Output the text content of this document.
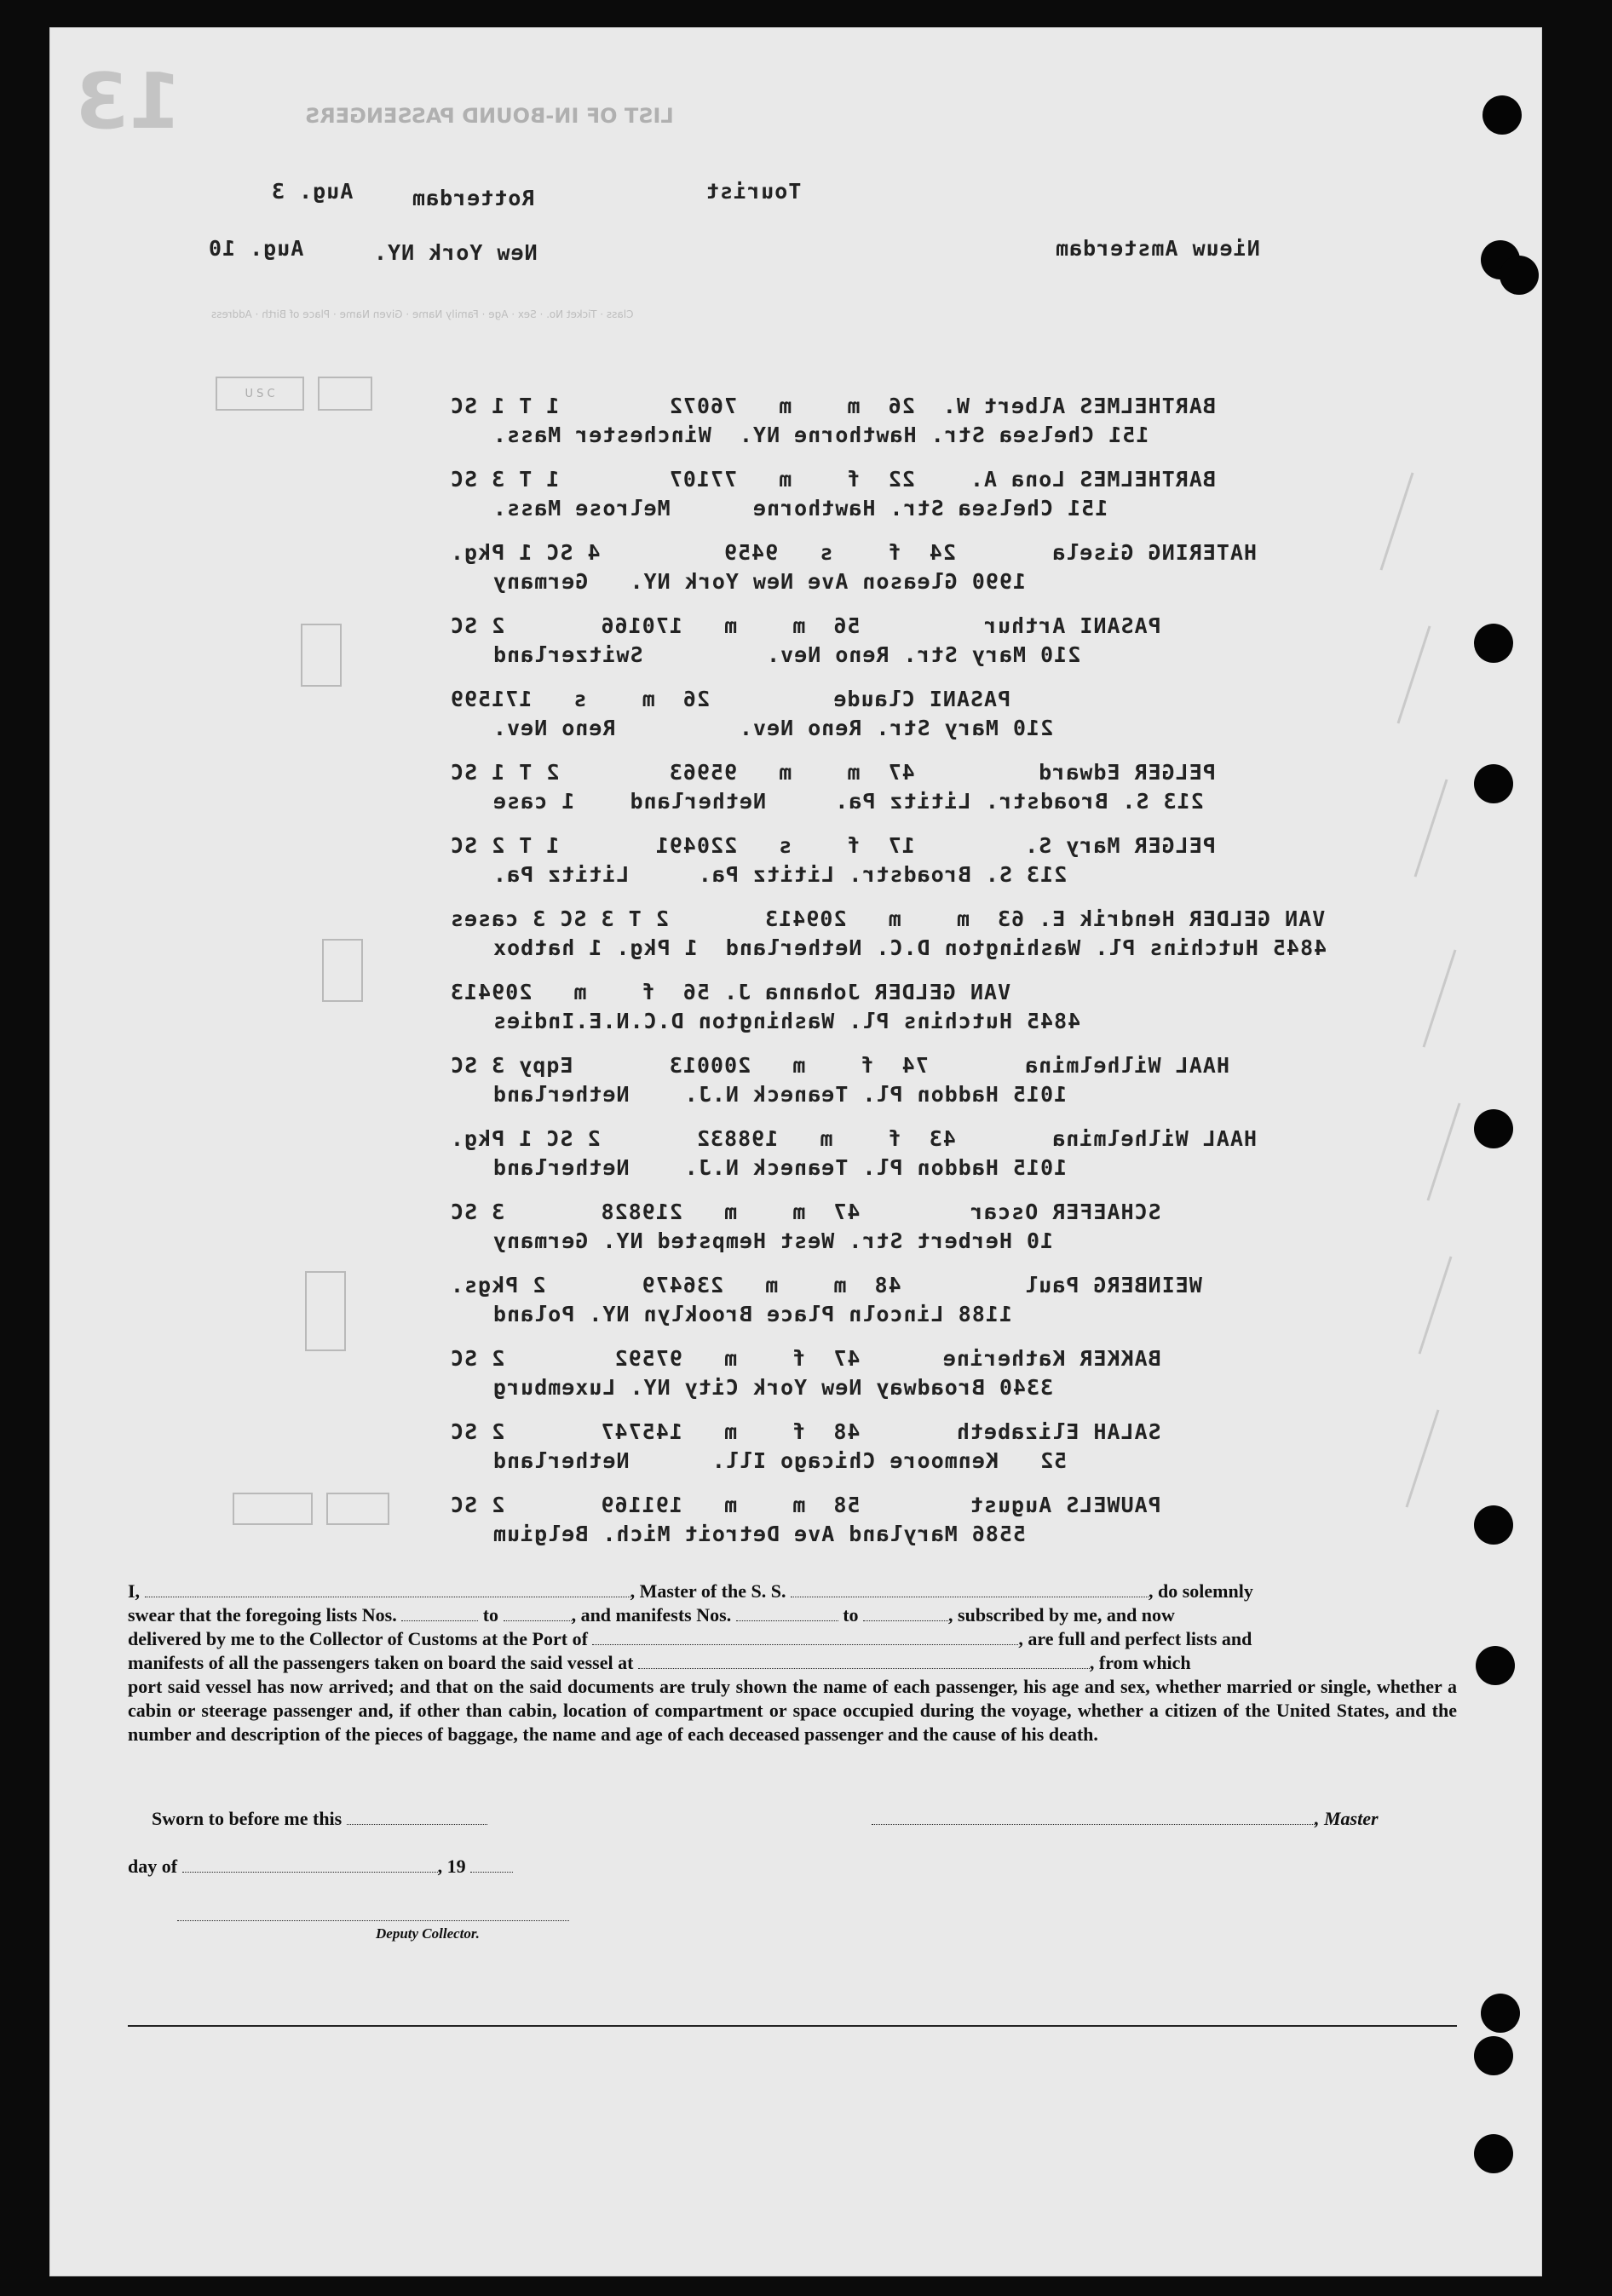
LIST OF IN-BOUND PASSENGERS
13
Tourist
Rotterdam
Aug. 3
Nieuw Amsterdam
New York NY.
Aug. 10
Class · Ticket No. · Sex · Age · Family Name · Given Name · Place of Birth · Address
BARTHELMES Albert W.  26  m    m   76072        1 T 1 SC
151 Chelsea Str. Hawthorne NY.  Winchester Mass.
BARTHELMES Lona A.    22  f    m   77107        1 T 3 SC
151 Chelsea Str. Hawthorne      Melrose Mass.
HATERING Gisela       24  f    s   9459         4 SC 1 Pkg.
1990 Gleason Ave New York NY.   Germany
PASANI Arthur         56  m    m   170166       2 SC
210 Mary Str. Reno Nev.         Switzerland
PASANI Claude         26  m    s   171599
210 Mary Str. Reno Nev.         Reno Nev.
PELGER Edward         47  m    m   95963        2 T 1 SC
213 S. Broadstr. Lititz Pa.     Netherland    1 case
PELGER Mary S.        17  f    s   220491       1 T 2 SC
213 S. Broadstr. Lititz Pa.     Lititz Pa.
VAN GELDER Hendrik E. 63  m    m   209413       2 T 3 SC 3 cases
4845 Hutchins Pl. Washington D.C. Netherland  1 Pkg. 1 hatbox
VAN GELDER Johanna J. 56  f    m   209413
4845 Hutchins Pl. Washington D.C.N.E.Indies
HAAL Wilhelmina       74  f    m   200013       Eqpy 3 SC
1015 Haddon Pl. Teaneck N.J.    Netherland
HAAL Wilhelmina       43  f    m   198832       2 SC 1 Pkg.
1015 Haddon Pl. Teaneck N.J.    Netherland
SCHAEFER Oscar        47  m    m   219828       3 SC
10 Herbert Str. West Hempsted NY. Germany
WEINBERG Paul         48  m    m   236479       2 Pkgs.
1188 Lincoln Place Brooklyn NY. Poland
BAKKER Katherine      47  f    m   97592        2 SC
3340 Broadway New York City NY. Luxemburg
SALAH Elizabeth       48  f    m   145747       2 SC
52   Kenmoore Chicago Ill.      Netherland
PAUWELS August        58  m    m   191169       2 SC
5586 Maryland Ave Detroit Mich. Belgium
U S C

I,	, Master of the S. S.	, do solemnly

swear that the foregoing lists Nos.	to	, and manifests Nos.	to	, subscribed by me, and now

delivered by me to the Collector of Customs at the Port of	, are full and perfect lists and

manifests of all the passengers taken on board the said vessel at	, from which

port said vessel has now arrived; and that on the said documents are truly shown the name of each passenger, his age and sex, whether married or single, whether a cabin or steerage passenger and, if other than cabin, location of compartment or space occupied during the voyage, whether a citizen of the United States, and the number and description of the pieces of baggage, the name and age of each deceased passenger and the cause of his death.

Sworn to before me this	, Master
day of	, 19
Deputy Collector.
